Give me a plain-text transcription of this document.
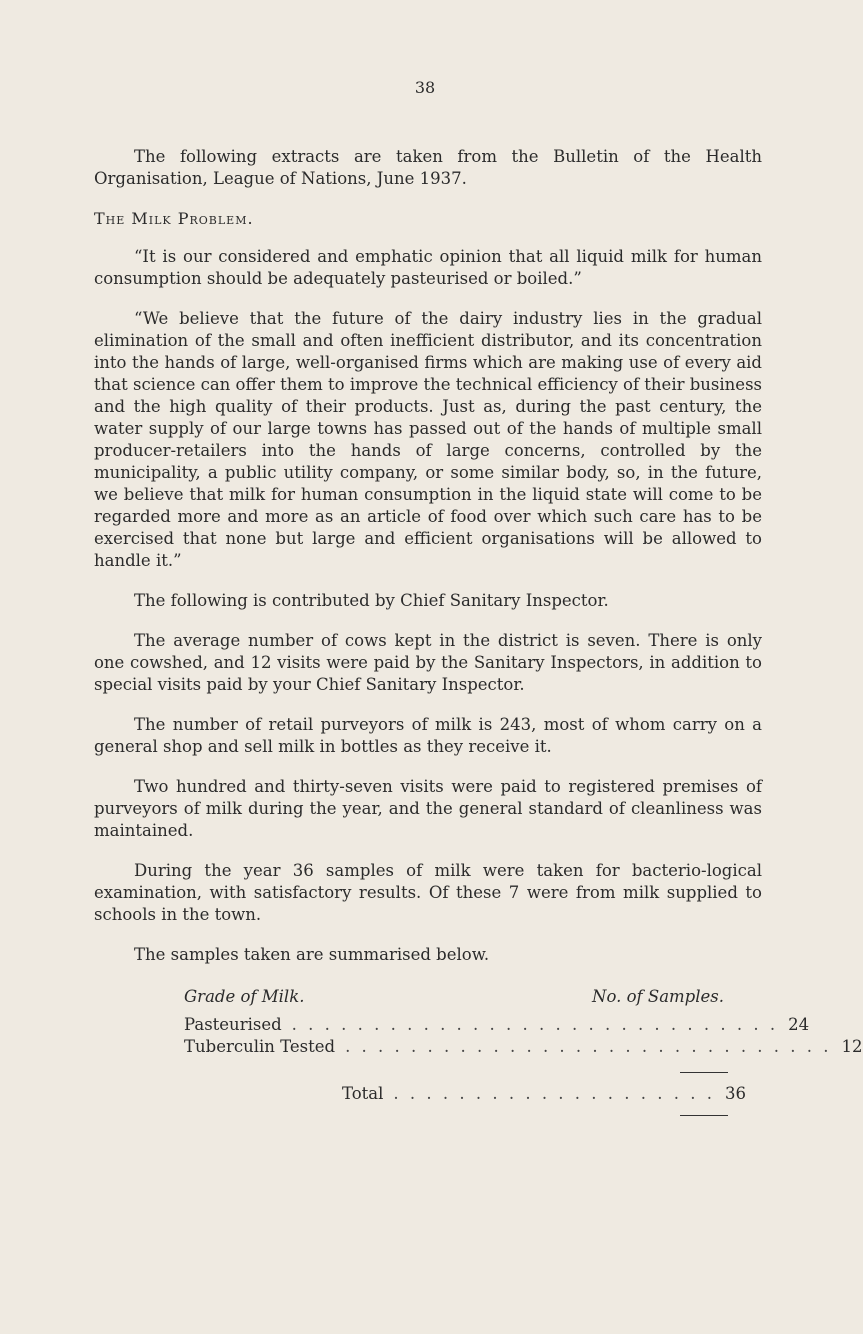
38

The following extracts are taken from the Bulletin of the Health Organisation, League of Nations, June 1937.

The Milk Problem.

“It is our considered and emphatic opinion that all liquid milk for human consumption should be adequately pasteurised or boiled.”

“We believe that the future of the dairy industry lies in the gradual elimination of the small and often inefficient distributor, and its concentration into the hands of large, well-organised firms which are making use of every aid that science can offer them to improve the technical efficiency of their business and the high quality of their products. Just as, during the past century, the water supply of our large towns has passed out of the hands of multiple small producer-retailers into the hands of large concerns, controlled by the municipality, a public utility company, or some similar body, so, in the future, we believe that milk for human consumption in the liquid state will come to be regarded more and more as an article of food over which such care has to be exercised that none but large and efficient organisations will be allowed to handle it.”

The following is contributed by Chief Sanitary Inspector.

The average number of cows kept in the district is seven. There is only one cowshed, and 12 visits were paid by the Sanitary Inspectors, in addition to special visits paid by your Chief Sanitary Inspector.

The number of retail purveyors of milk is 243, most of whom carry on a general shop and sell milk in bottles as they receive it.

Two hundred and thirty-seven visits were paid to registered premises of purveyors of milk during the year, and the general standard of cleanliness was maintained.

During the year 36 samples of milk were taken for bacterio-logical examination, with satisfactory results. Of these 7 were from milk supplied to schools in the town.

The samples taken are summarised below.

Grade of Milk.	No. of Samples.
Pasteurised . . . . . . . . . . . . . . . . . . . . . . . . . . . . . . 24
Tuberculin Tested . . . . . . . . . . . . . . . . . . . . . . . . . . . . . . 12
Total . . . . . . . . . . . . . . . . . . . . 36
